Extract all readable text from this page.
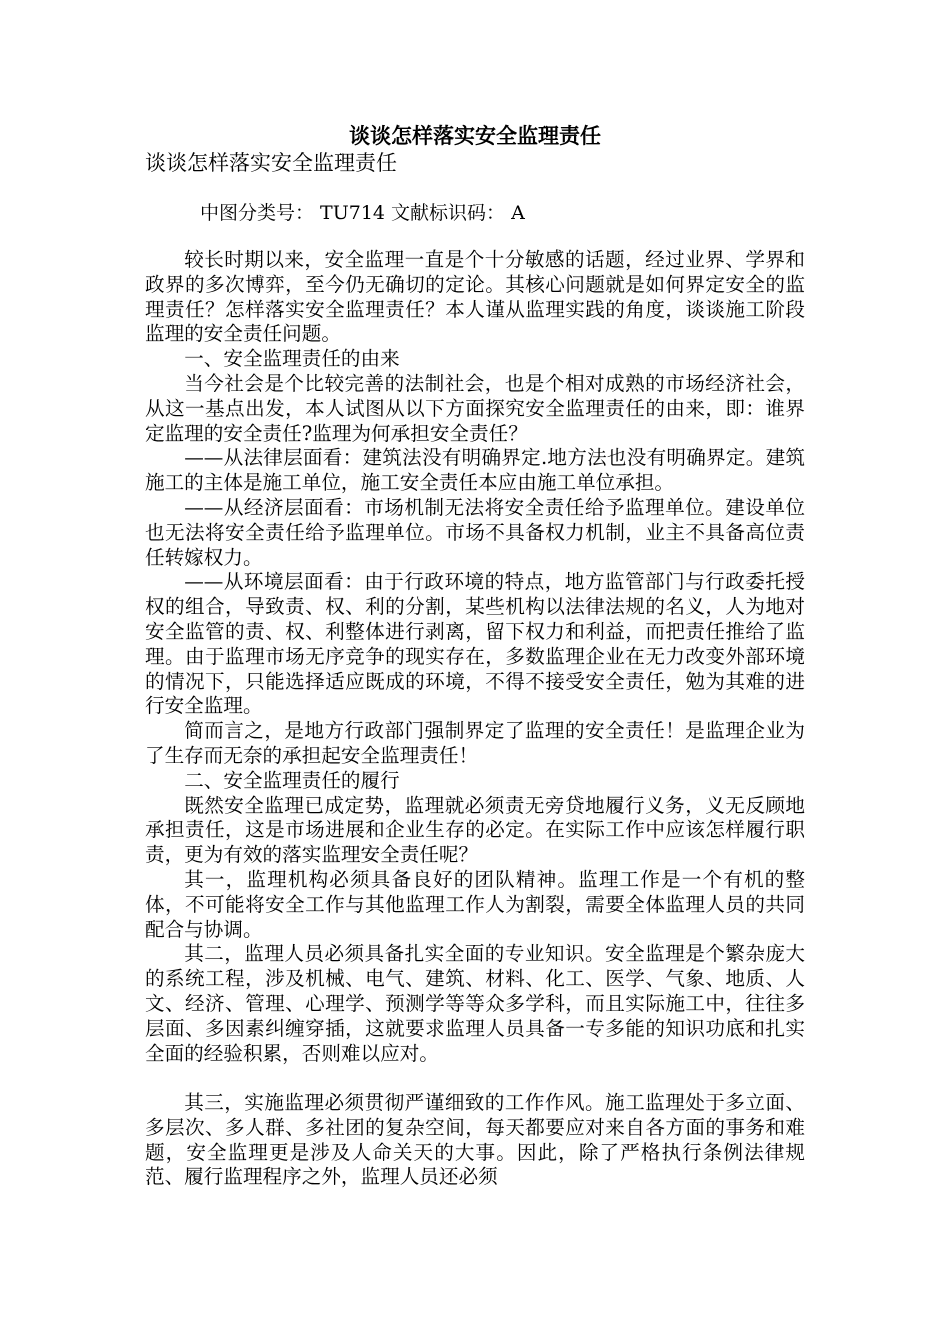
谈谈怎样落实安全监理责任
谈谈怎样落实安全监理责任
中图分类号： TU714 文献标识码： A

较长时期以来，安全监理一直是个十分敏感的话题，经过业界、学界和政界的多次博弈，至今仍无确切的定论。其核心问题就是如何界定安全的监理责任？怎样落实安全监理责任？本人谨从监理实践的角度，谈谈施工阶段监理的安全责任问题。

一、安全监理责任的由来

当今社会是个比较完善的法制社会，也是个相对成熟的市场经济社会，从这一基点出发，本人试图从以下方面探究安全监理责任的由来，即：谁界定监理的安全责任?监理为何承担安全责任？

——从法律层面看：建筑法没有明确界定.地方法也没有明确界定。建筑施工的主体是施工单位，施工安全责任本应由施工单位承担。

——从经济层面看：市场机制无法将安全责任给予监理单位。建设单位也无法将安全责任给予监理单位。市场不具备权力机制，业主不具备高位责任转嫁权力。

——从环境层面看：由于行政环境的特点，地方监管部门与行政委托授权的组合，导致责、权、利的分割，某些机构以法律法规的名义，人为地对安全监管的责、权、利整体进行剥离，留下权力和利益，而把责任推给了监理。由于监理市场无序竞争的现实存在，多数监理企业在无力改变外部环境的情况下，只能选择适应既成的环境，不得不接受安全责任，勉为其难的进行安全监理。

简而言之，是地方行政部门强制界定了监理的安全责任！是监理企业为了生存而无奈的承担起安全监理责任！

二、安全监理责任的履行

既然安全监理已成定势，监理就必须责无旁贷地履行义务，义无反顾地承担责任，这是市场进展和企业生存的必定。在实际工作中应该怎样履行职责，更为有效的落实监理安全责任呢？

其一，监理机构必须具备良好的团队精神。监理工作是一个有机的整体，不可能将安全工作与其他监理工作人为割裂，需要全体监理人员的共同配合与协调。

其二，监理人员必须具备扎实全面的专业知识。安全监理是个繁杂庞大的系统工程，涉及机械、电气、建筑、材料、化工、医学、气象、地质、人文、经济、管理、心理学、预测学等等众多学科，而且实际施工中，往往多层面、多因素纠缠穿插，这就要求监理人员具备一专多能的知识功底和扎实全面的经验积累，否则难以应对。

其三，实施监理必须贯彻严谨细致的工作作风。施工监理处于多立面、多层次、多人群、多社团的复杂空间，每天都要应对来自各方面的事务和难题，安全监理更是涉及人命关天的大事。因此，除了严格执行条例法律规范、履行监理程序之外，监理人员还必须
